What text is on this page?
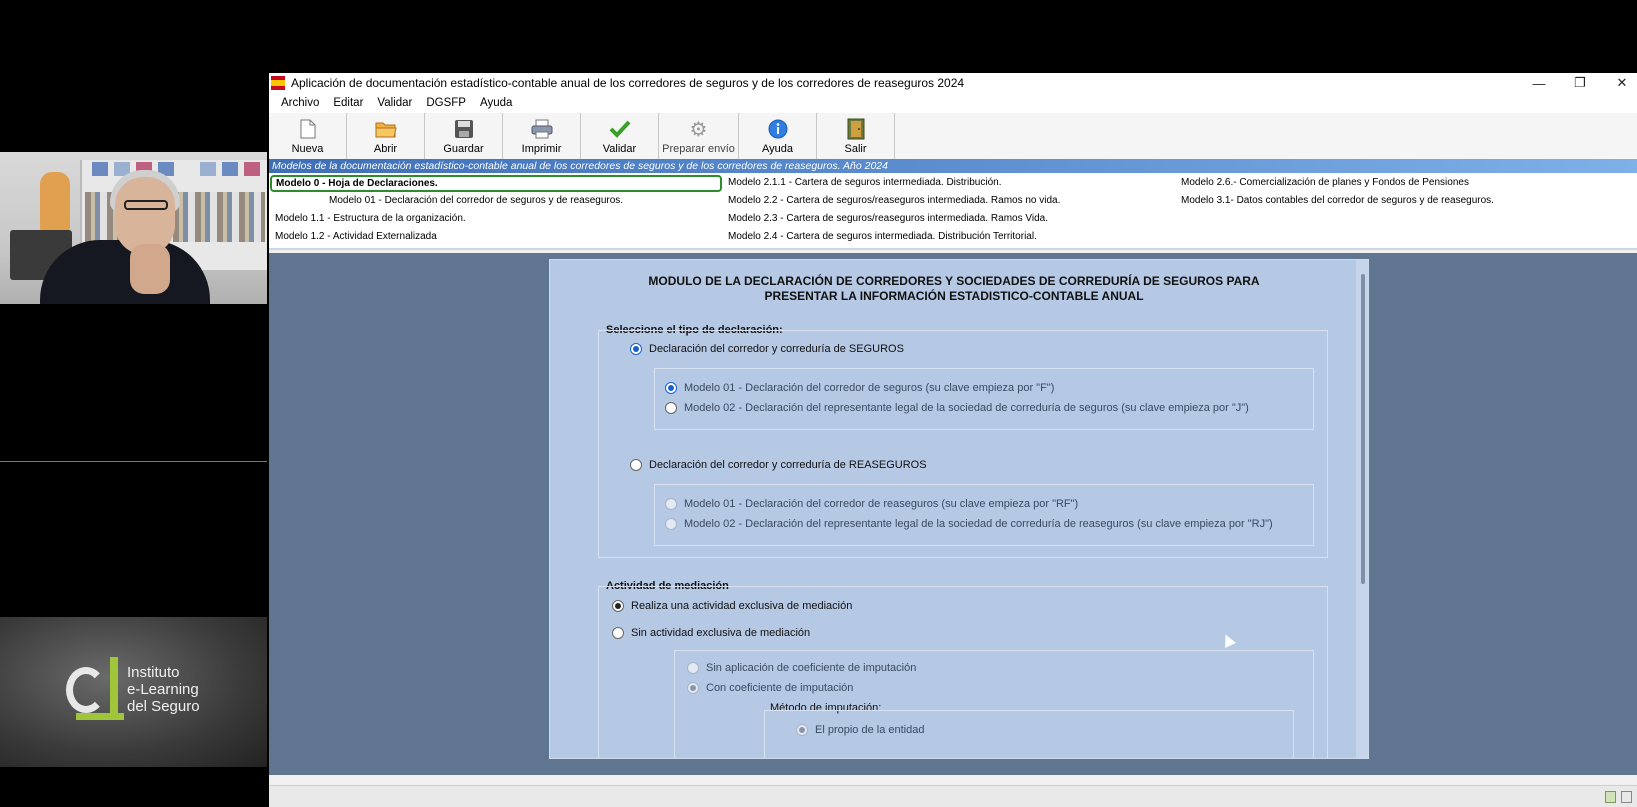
Instituto
e-Learning
del Seguro
Aplicación de documentación estadístico-contable anual de los corredores de seguros y de los corredores de reaseguros 2024	—	❐	✕
Archivo Editar Validar DGSFP Ayuda
Nueva	Abrir	Guardar	Imprimir	Validar
⚙
Preparar envío Ayuda	Salir
Modelos de la documentación estadístico-contable anual de los corredores de seguros y de los corredores de reaseguros. Año 2024
Modelo 0 - Hoja de Declaraciones.
Modelo 01 - Declaración del corredor de seguros y de reaseguros.
Modelo 1.1 - Estructura de la organización.
Modelo 1.2 - Actividad Externalizada
Modelo 2.1.1 - Cartera de seguros intermediada. Distribución.
Modelo 2.2 - Cartera de seguros/reaseguros intermediada. Ramos no vida.
Modelo 2.3 - Cartera de seguros/reaseguros intermediada. Ramos Vida.
Modelo 2.4 - Cartera de seguros intermediada. Distribución Territorial.
Modelo 2.6.- Comercialización de planes y Fondos de Pensiones
Modelo 3.1- Datos contables del corredor de seguros y de reaseguros.
MODULO DE LA DECLARACIÓN DE CORREDORES Y SOCIEDADES DE CORREDURÍA DE SEGUROS PARA
PRESENTAR LA INFORMACIÓN ESTADISTICO-CONTABLE ANUAL
Seleccione el tipo de declaración:
Declaración del corredor y correduría de SEGUROS
Modelo 01 - Declaración del corredor de seguros (su clave empieza por "F")
Modelo 02 - Declaración del representante legal de la sociedad de correduría de seguros (su clave empieza por "J")
Declaración del corredor y correduría de REASEGUROS
Modelo 01 - Declaración del corredor de reaseguros (su clave empieza por "RF")
Modelo 02 - Declaración del representante legal de la sociedad de correduría de reaseguros (su clave empieza por "RJ")
Actividad de mediación
Realiza una actividad exclusiva de mediación
Sin actividad exclusiva de mediación
Sin aplicación de coeficiente de imputación
Con coeficiente de imputación
Método de imputación:
El propio de la entidad
